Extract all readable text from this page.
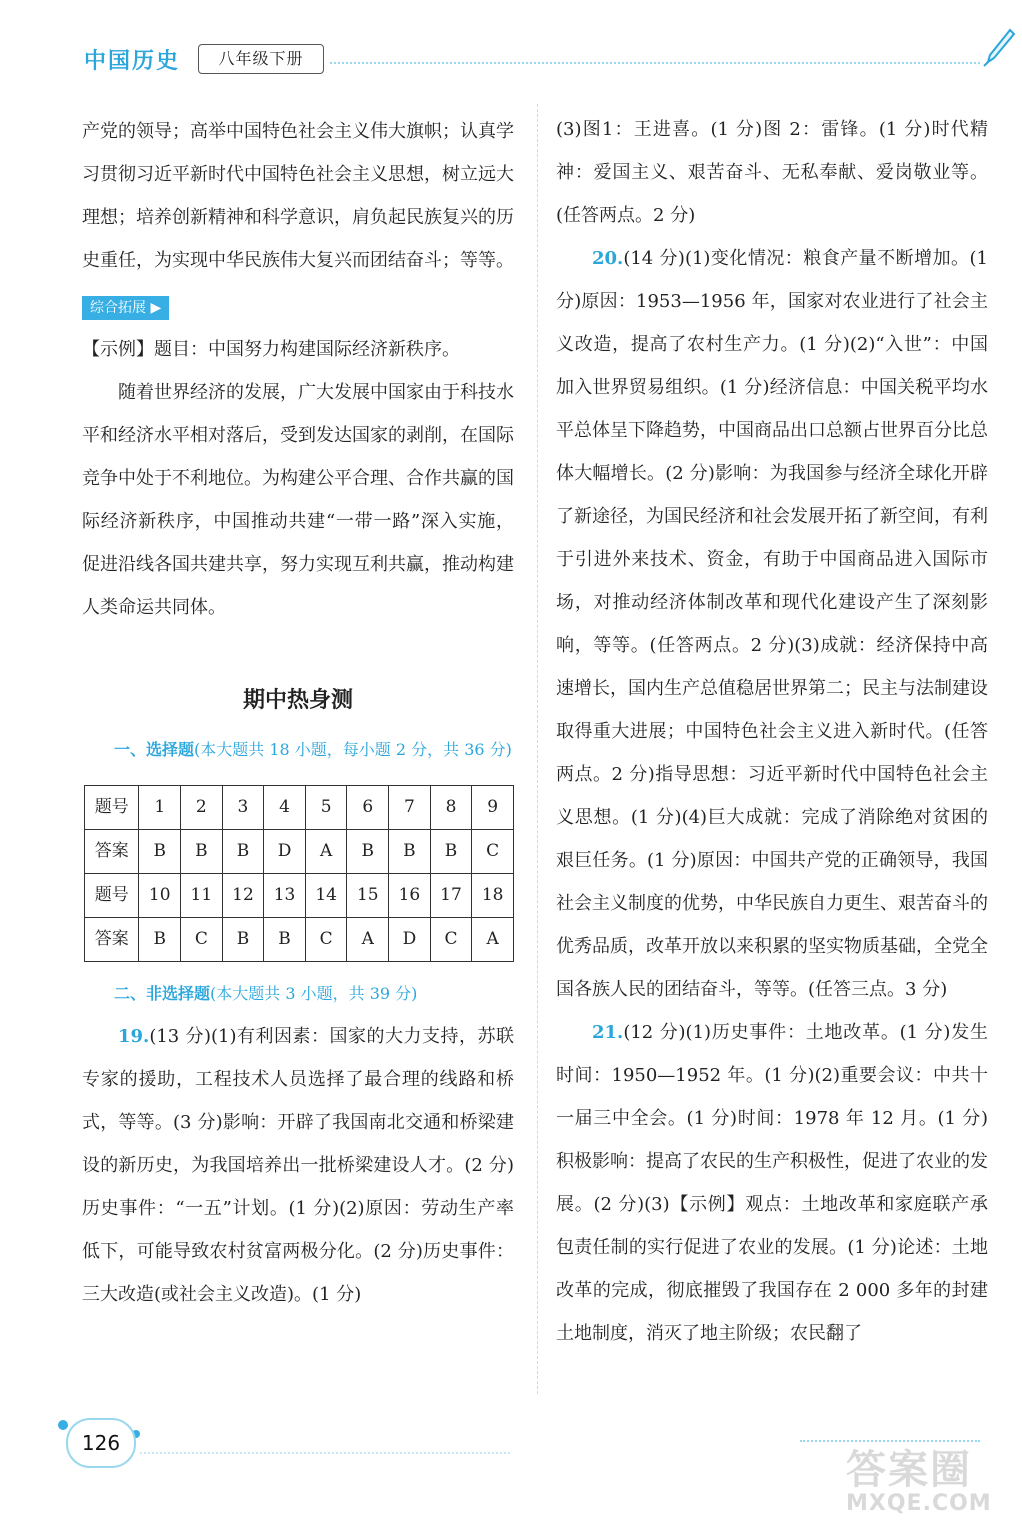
中国历史	八年级下册

产党的领导；高举中国特色社会主义伟大旗帜；认真学习贯彻习近平新时代中国特色社会主义思想，树立远大理想；培养创新精神和科学意识，肩负起民族复兴的历史重任，为实现中华民族伟大复兴而团结奋斗；等等。

综合拓展 ▶

【示例】题目：中国努力构建国际经济新秩序。

随着世界经济的发展，广大发展中国家由于科技水平和经济水平相对落后，受到发达国家的剥削，在国际竞争中处于不利地位。为构建公平合理、合作共赢的国际经济新秩序，中国推动共建“一带一路”深入实施，促进沿线各国共建共享，努力实现互利共赢，推动构建人类命运共同体。

期中热身测

一、选择题(本大题共 18 小题，每小题 2 分，共 36 分)

题号	1	2	3	4	5	6	7	8	9
答案	B	B	B	D	A	B	B	B	C
题号	10	11	12	13	14	15	16	17	18
答案	B	C	B	B	C	A	D	C	A

二、非选择题(本大题共 3 小题，共 39 分)

19.(13 分)(1)有利因素：国家的大力支持，苏联专家的援助，工程技术人员选择了最合理的线路和桥式，等等。(3 分)影响：开辟了我国南北交通和桥梁建设的新历史，为我国培养出一批桥梁建设人才。(2 分)历史事件：“一五”计划。(1 分)(2)原因：劳动生产率低下，可能导致农村贫富两极分化。(2 分)历史事件：三大改造(或社会主义改造)。(1 分)

(3)图1：王进喜。(1 分)图 2：雷锋。(1 分)时代精神：爱国主义、艰苦奋斗、无私奉献、爱岗敬业等。(任答两点。2 分)

20.(14 分)(1)变化情况：粮食产量不断增加。(1 分)原因：1953—1956 年，国家对农业进行了社会主义改造，提高了农村生产力。(1 分)(2)“入世”：中国加入世界贸易组织。(1 分)经济信息：中国关税平均水平总体呈下降趋势，中国商品出口总额占世界百分比总体大幅增长。(2 分)影响：为我国参与经济全球化开辟了新途径，为国民经济和社会发展开拓了新空间，有利于引进外来技术、资金，有助于中国商品进入国际市场，对推动经济体制改革和现代化建设产生了深刻影响，等等。(任答两点。2 分)(3)成就：经济保持中高速增长，国内生产总值稳居世界第二；民主与法制建设取得重大进展；中国特色社会主义进入新时代。(任答两点。2 分)指导思想：习近平新时代中国特色社会主义思想。(1 分)(4)巨大成就：完成了消除绝对贫困的艰巨任务。(1 分)原因：中国共产党的正确领导，我国社会主义制度的优势，中华民族自力更生、艰苦奋斗的优秀品质，改革开放以来积累的坚实物质基础，全党全国各族人民的团结奋斗，等等。(任答三点。3 分)

21.(12 分)(1)历史事件：土地改革。(1 分)发生时间：1950—1952 年。(1 分)(2)重要会议：中共十一届三中全会。(1 分)时间：1978 年 12 月。(1 分)积极影响：提高了农民的生产积极性，促进了农业的发展。(2 分)(3)【示例】观点：土地改革和家庭联产承包责任制的实行促进了农业的发展。(1 分)论述：土地改革的完成，彻底摧毁了我国存在 2 000 多年的封建土地制度，消灭了地主阶级；农民翻了

126
答案圈
MXQE.COM
